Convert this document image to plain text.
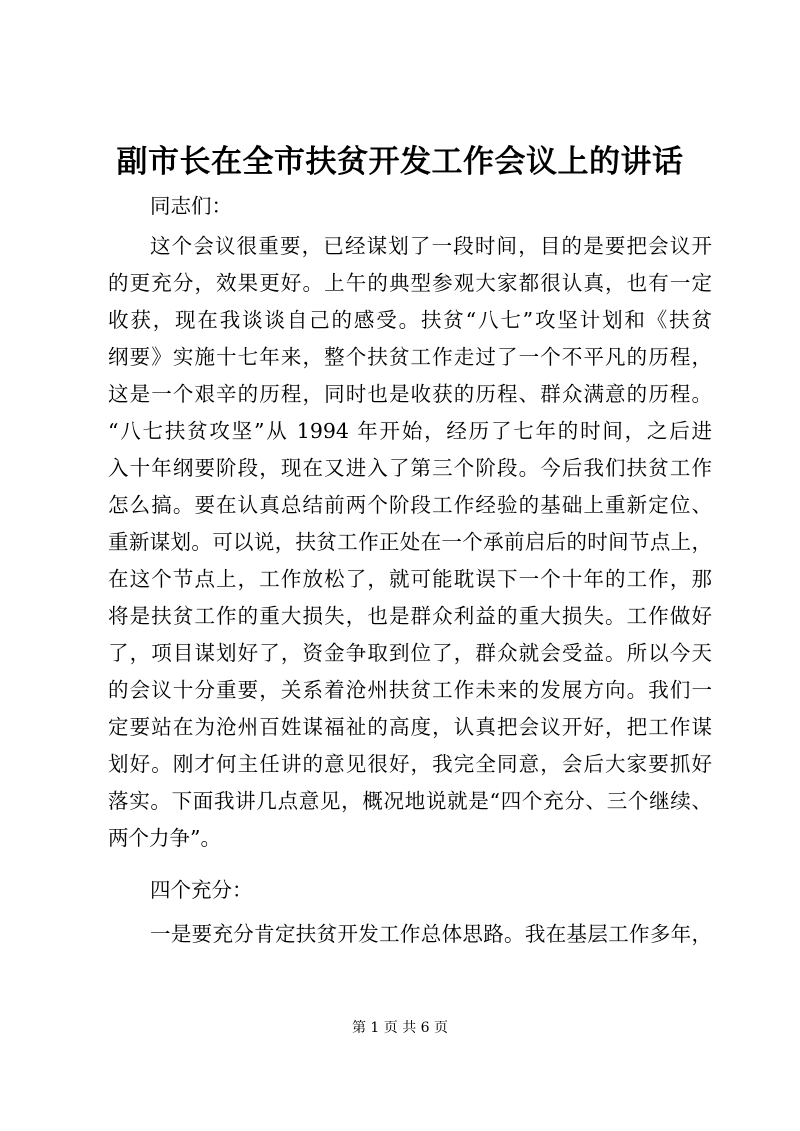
副市长在全市扶贫开发工作会议上的讲话
同志们：
这个会议很重要，已经谋划了一段时间，目的是要把会议开
的更充分，效果更好。上午的典型参观大家都很认真，也有一定
收获，现在我谈谈自己的感受。扶贫“八七”攻坚计划和《扶贫
纲要》实施十七年来，整个扶贫工作走过了一个不平凡的历程，
这是一个艰辛的历程，同时也是收获的历程、群众满意的历程。
“八七扶贫攻坚”从 1994 年开始，经历了七年的时间，之后进
入十年纲要阶段，现在又进入了第三个阶段。今后我们扶贫工作
怎么搞。要在认真总结前两个阶段工作经验的基础上重新定位、
重新谋划。可以说，扶贫工作正处在一个承前启后的时间节点上，
在这个节点上，工作放松了，就可能耽误下一个十年的工作，那
将是扶贫工作的重大损失，也是群众利益的重大损失。工作做好
了，项目谋划好了，资金争取到位了，群众就会受益。所以今天
的会议十分重要，关系着沧州扶贫工作未来的发展方向。我们一
定要站在为沧州百姓谋福祉的高度，认真把会议开好，把工作谋
划好。刚才何主任讲的意见很好，我完全同意，会后大家要抓好
落实。下面我讲几点意见，概况地说就是“四个充分、三个继续、
两个力争”。
四个充分：
一是要充分肯定扶贫开发工作总体思路。我在基层工作多年，
第 1 页 共 6 页
